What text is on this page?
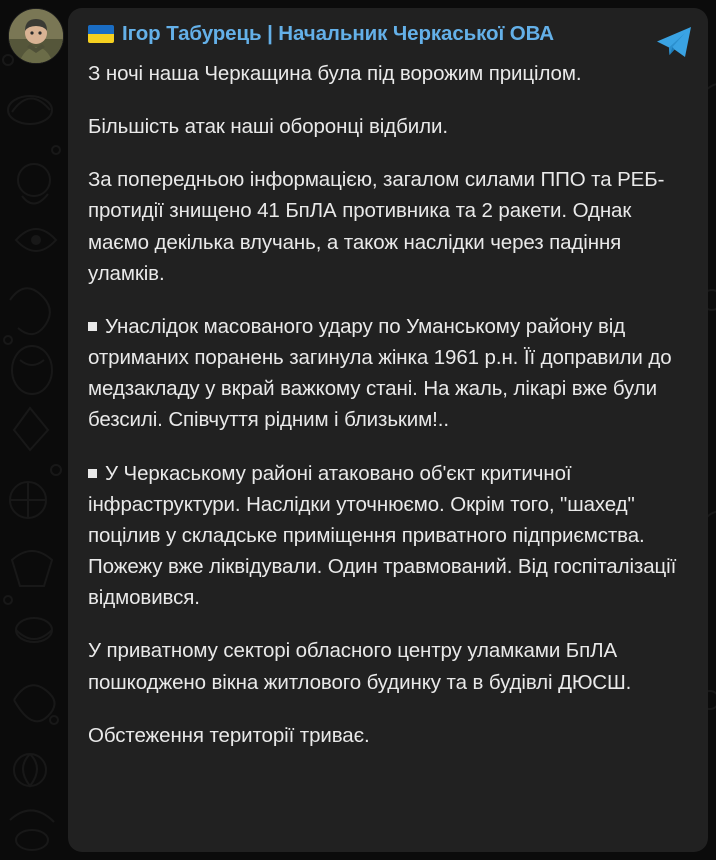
Ігор Табурець | Начальник Черкаської ОВА

З ночі наша Черкащина була під ворожим прицілом.

Більшість атак наші оборонці відбили.

За попередньою інформацією, загалом силами ППО та РЕБ-протидії знищено 41 БпЛА противника та 2 ракети. Однак маємо декілька влучань, а також наслідки через падіння уламків.

Унаслідок масованого удару по Уманському району від отриманих поранень загинула жінка 1961 р.н. Її доправили до медзакладу у вкрай важкому стані. На жаль, лікарі вже були безсилі. Співчуття рідним і близьким!..

У Черкаському районі атаковано об'єкт критичної інфраструктури. Наслідки уточнюємо. Окрім того, "шахед" поцілив у складське приміщення приватного підприємства. Пожежу вже ліквідували. Один травмований. Від госпіталізації відмовився.

У приватному секторі обласного центру уламками БпЛА пошкоджено вікна житлового будинку та в будівлі ДЮСШ.

Обстеження території триває.
